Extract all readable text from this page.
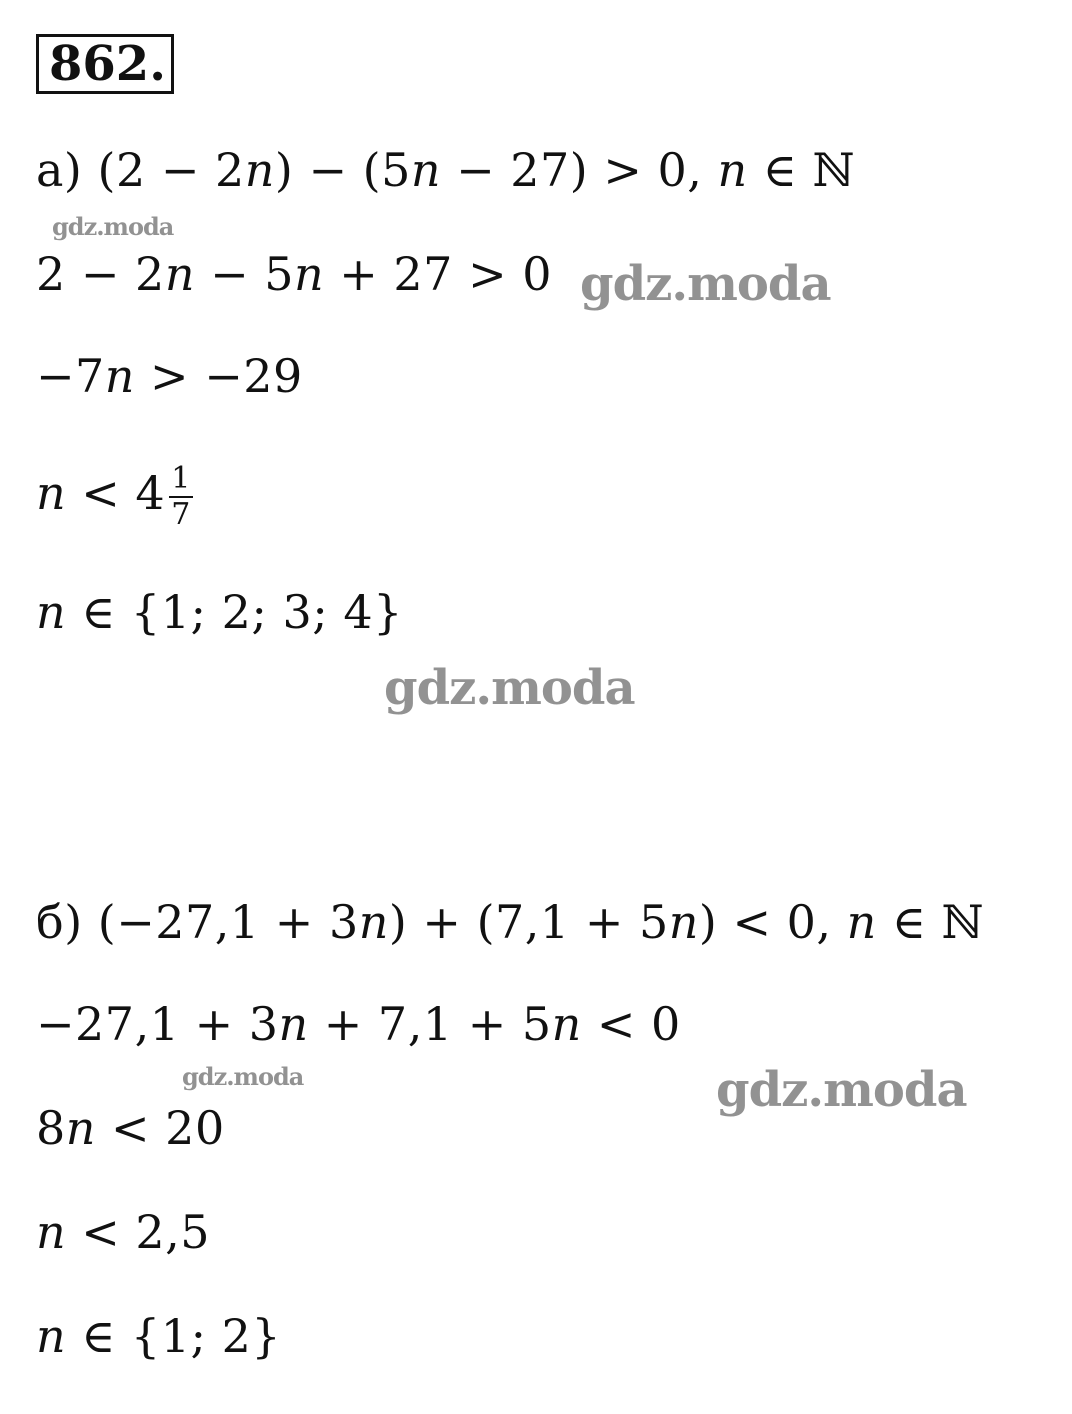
862.
а) (2 − 2𝑛) − (5𝑛 − 27) > 0, 𝑛 ∈ ℕ
2 − 2𝑛 − 5𝑛 + 27 > 0
−7𝑛 > −29
𝑛 < $4 \frac{1}{7}$
𝑛 ∈ {1; 2; 3; 4}
б) (−27,1 + 3𝑛) + (7,1 + 5𝑛) < 0, 𝑛 ∈ ℕ
−27,1 + 3𝑛 + 7,1 + 5𝑛 < 0
8𝑛 < 20
𝑛 < 2,5
𝑛 ∈ {1; 2}
gdz.moda
gdz.moda
gdz.moda
gdz.moda	gdz.moda
